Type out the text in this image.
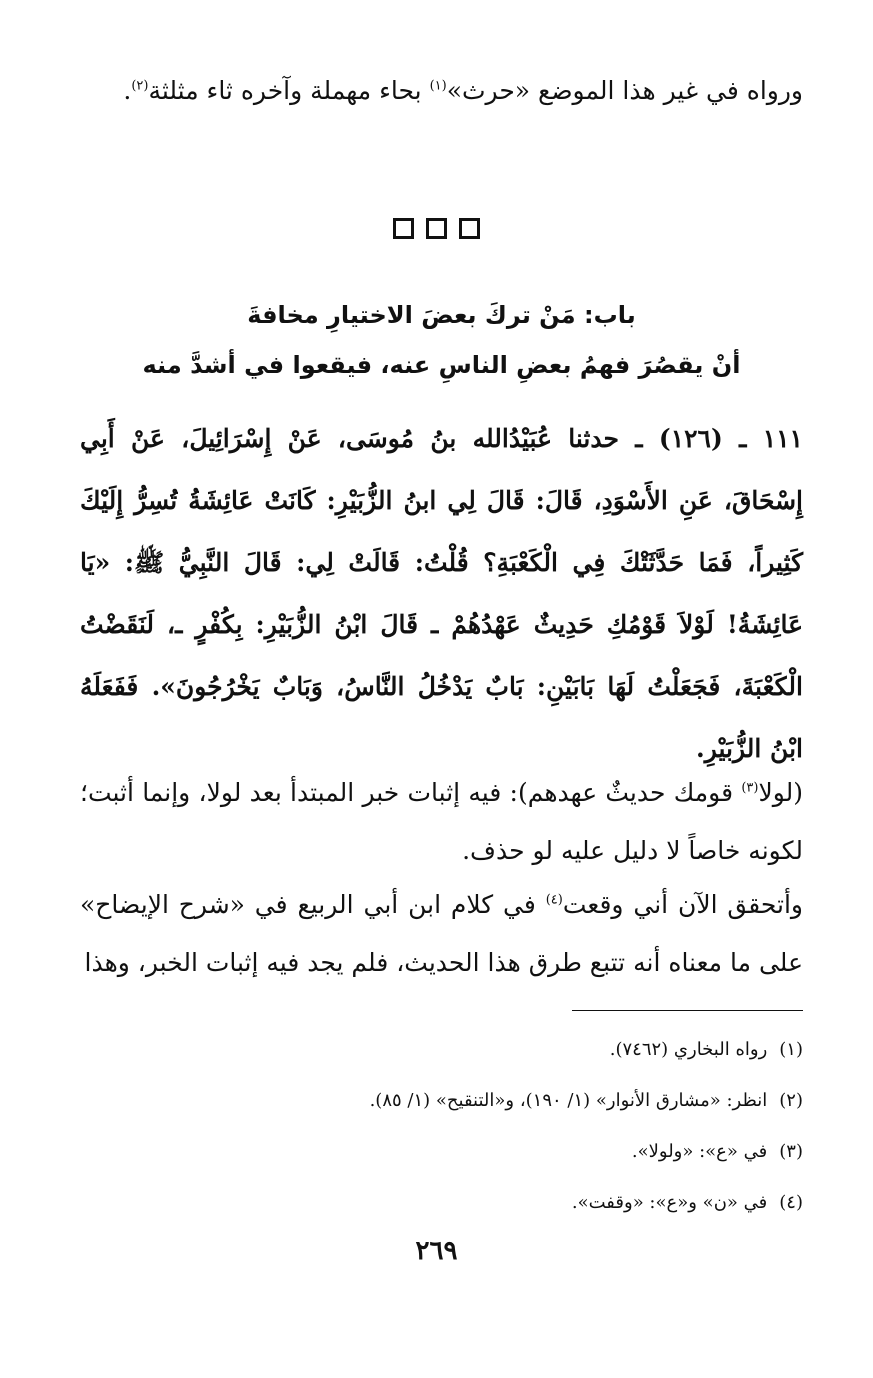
ورواه في غير هذا الموضع «حرث»$^{(١)}$ بحاء مهملة وآخره ثاء مثلثة$^{(٢)}$.
باب: مَنْ تركَ بعضَ الاختيارِ مخافةَ
أنْ يقصُرَ فهمُ بعضِ الناسِ عنه، فيقعوا في أشدَّ منه
١١١ ـ (١٢٦) ـ حدثنا عُبَيْدُالله بنُ مُوسَى، عَنْ إِسْرَائِيلَ، عَنْ أَبِي إِسْحَاقَ، عَنِ الأَسْوَدِ، قَالَ: قَالَ لِي ابنُ الزُّبَيْرِ: كَانَتْ عَائِشَةُ تُسِرُّ إِلَيْكَ كَثِيراً، فَمَا حَدَّثَتْكَ فِي الْكَعْبَةِ؟ قُلْتُ: قَالَتْ لِي: قَالَ النَّبِيُّ ﷺ: «يَا عَائِشَةُ! لَوْلاَ قَوْمُكِ حَدِيثٌ عَهْدُهُمْ ـ قَالَ ابْنُ الزُّبَيْرِ: بِكُفْرٍ ـ، لَنَقَضْتُ الْكَعْبَةَ، فَجَعَلْتُ لَهَا بَابَيْنِ: بَابٌ يَدْخُلُ النَّاسُ، وَبَابٌ يَخْرُجُونَ». فَفَعَلَهُ ابْنُ الزُّبَيْرِ.
(لولا$^{(٣)}$ قومك حديثٌ عهدهم): فيه إثبات خبر المبتدأ بعد لولا، وإنما أثبت؛ لكونه خاصاً لا دليل عليه لو حذف.
وأتحقق الآن أني وقعت$^{(٤)}$ في كلام ابن أبي الربيع في «شرح الإيضاح» على ما معناه أنه تتبع طرق هذا الحديث، فلم يجد فيه إثبات الخبر، وهذا
(١)رواه البخاري (٧٤٦٢).
(٢)انظر: «مشارق الأنوار» (١/ ١٩٠)، و«التنقيح» (١/ ٨٥).
(٣)في «ع»: «ولولا».
(٤)في «ن» و«ع»: «وقفت».
٢٦٩
